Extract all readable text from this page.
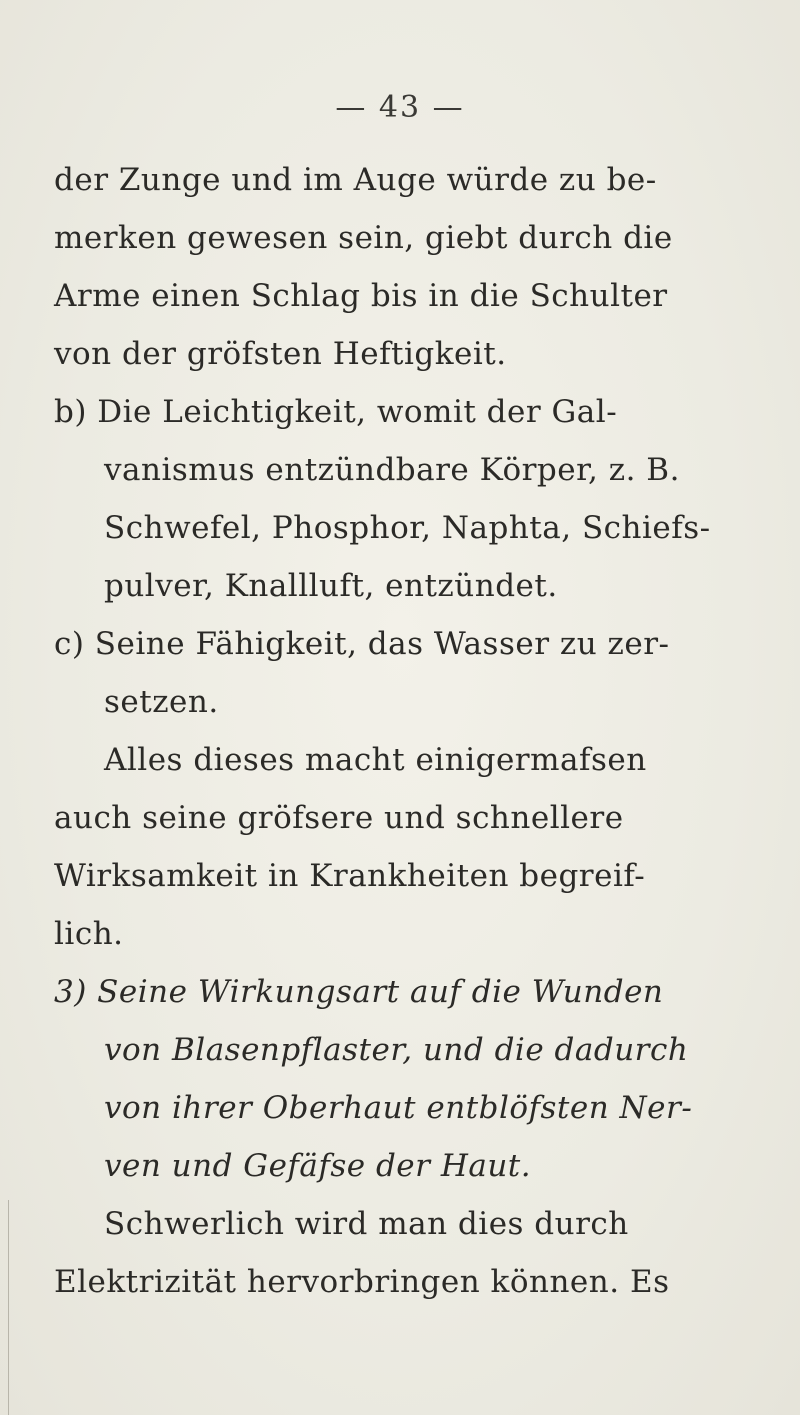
— 43 —
der Zunge und im Auge würde zu be-
merken gewesen sein, giebt durch die
Arme einen Schlag bis in die Schulter
von der gröfsten Heftigkeit.
b) Die Leichtigkeit, womit der Gal-
vanismus entzündbare Körper, z. B.
Schwefel, Phosphor, Naphta, Schiefs-
pulver, Knallluft, entzündet.
c) Seine Fähigkeit, das Wasser zu zer-
setzen.
Alles dieses macht einigermafsen
auch seine gröfsere und schnellere
Wirksamkeit in Krankheiten begreif-
lich.
3) Seine Wirkungsart auf die Wunden
von Blasenpflaster, und die dadurch
von ihrer Oberhaut entblöfsten Ner-
ven und Gefäfse der Haut.
Schwerlich wird man dies durch
Elektrizität hervorbringen können. Es
